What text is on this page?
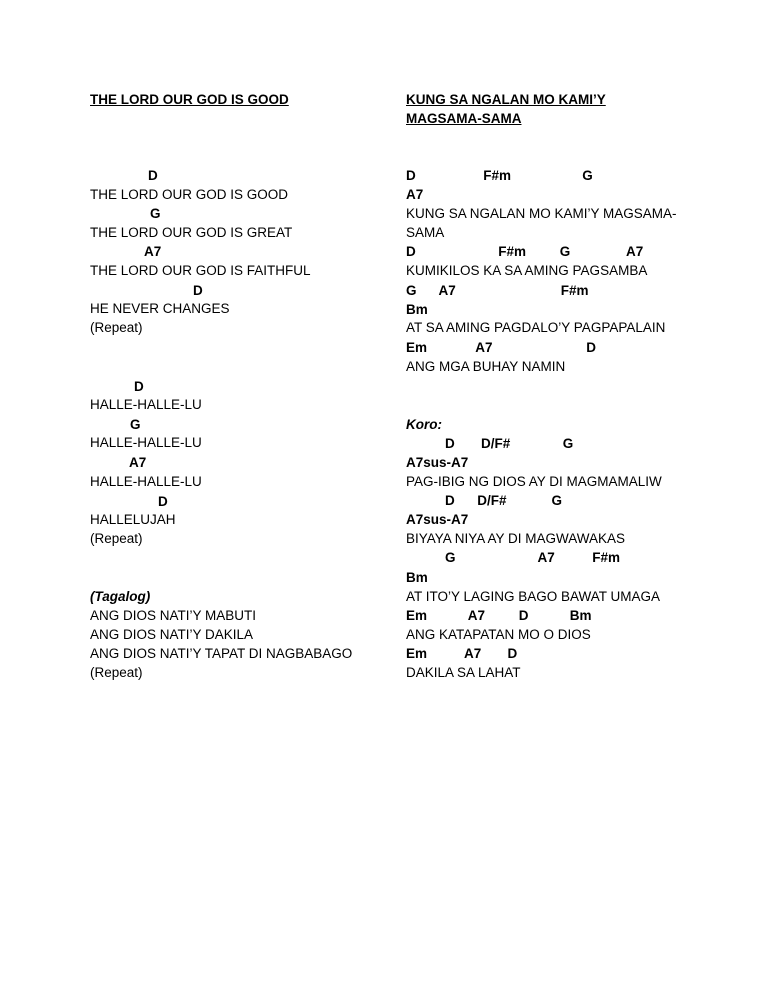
THE LORD OUR GOD IS GOOD
D
THE LORD OUR GOD IS GOOD
G
THE LORD OUR GOD IS GREAT
A7
THE LORD OUR GOD IS FAITHFUL
D
HE NEVER CHANGES
(Repeat)
D
HALLE-HALLE-LU
G
HALLE-HALLE-LU
A7
HALLE-HALLE-LU
D
HALLELUJAH
(Repeat)
(Tagalog)
ANG DIOS NATI’Y MABUTI
ANG DIOS NATI’Y DAKILA
ANG DIOS NATI’Y TAPAT DI NAGBABAGO
(Repeat)
KUNG SA NGALAN MO KAMI’Y
MAGSAMA-SAMA
D                  F#m                   G
A7
KUNG SA NGALAN MO KAMI’Y MAGSAMA-
SAMA
D                      F#m         G               A7
KUMIKILOS KA SA AMING PAGSAMBA
G      A7                            F#m
Bm
AT SA AMING PAGDALO’Y PAGPAPALAIN
Em             A7                         D
ANG MGA BUHAY NAMIN
Koro:
D       D/F#              G
A7sus-A7
PAG-IBIG NG DIOS AY DI MAGMAMALIW
D      D/F#            G
A7sus-A7
BIYAYA NIYA AY DI MAGWAWAKAS
G                      A7          F#m
Bm
AT ITO’Y LAGING BAGO BAWAT UMAGA
Em           A7         D           Bm
ANG KATAPATAN MO O DIOS
Em          A7       D
DAKILA SA LAHAT
